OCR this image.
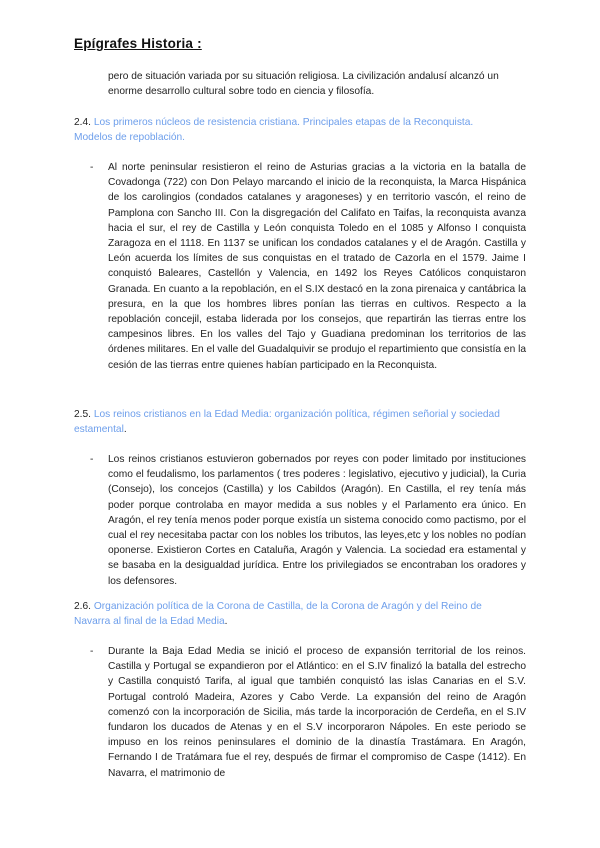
Epígrafes Historia :
pero de situación variada por su situación religiosa. La civilización andalusí alcanzó un enorme desarrollo cultural sobre todo en ciencia y filosofía.
2.4. Los primeros núcleos de resistencia cristiana. Principales etapas de la Reconquista. Modelos de repoblación.
- Al norte peninsular resistieron el reino de Asturias gracias a la victoria en la batalla de Covadonga (722) con Don Pelayo marcando el inicio de la reconquista, la Marca Hispánica de los carolingios (condados catalanes y aragoneses) y en territorio vascón, el reino de Pamplona con Sancho III. Con la disgregación del Califato en Taifas, la reconquista avanza hacia el sur, el rey de Castilla y León conquista Toledo en el 1085 y Alfonso I conquista Zaragoza en el 1118. En 1137 se unifican los condados catalanes y el de Aragón. Castilla y León acuerda los límites de sus conquistas en el tratado de Cazorla en el 1579. Jaime I conquistó Baleares, Castellón y Valencia, en 1492 los Reyes Católicos conquistaron Granada. En cuanto a la repoblación, en el S.IX destacó en la zona pirenaica y cantábrica la presura, en la que los hombres libres ponían las tierras en cultivos. Respecto a la repoblación concejil, estaba liderada por los consejos, que repartirán las tierras entre los campesinos libres. En los valles del Tajo y Guadiana predominan los territorios de las órdenes militares. En el valle del Guadalquivir se produjo el repartimiento que consistía en la cesión de las tierras entre quienes habían participado en la Reconquista.
2.5. Los reinos cristianos en la Edad Media: organización política, régimen señorial y sociedad estamental.
- Los reinos cristianos estuvieron gobernados por reyes con poder limitado por instituciones como el feudalismo, los parlamentos ( tres poderes : legislativo, ejecutivo y judicial), la Curia (Consejo), los concejos (Castilla) y los Cabildos (Aragón). En Castilla, el rey tenía más poder porque controlaba en mayor medida a sus nobles y el Parlamento era único. En Aragón, el rey tenía menos poder porque existía un sistema conocido como pactismo, por el cual el rey necesitaba pactar con los nobles los tributos, las leyes,etc y los nobles no podían oponerse. Existieron Cortes en Cataluña, Aragón y Valencia. La sociedad era estamental y se basaba en la desigualdad jurídica. Entre los privilegiados se encontraban los oradores y los defensores.
2.6. Organización política de la Corona de Castilla, de la Corona de Aragón y del Reino de Navarra al final de la Edad Media.
- Durante la Baja Edad Media se inició el proceso de expansión territorial de los reinos. Castilla y Portugal se expandieron por el Atlántico: en el S.IV finalizó la batalla del estrecho y Castilla conquistó Tarifa, al igual que también conquistó las islas Canarias en el S.V. Portugal controló Madeira, Azores y Cabo Verde. La expansión del reino de Aragón comenzó con la incorporación de Sicilia, más tarde la incorporación de Cerdeña, en el S.IV fundaron los ducados de Atenas y en el S.V incorporaron Nápoles. En este periodo se impuso en los reinos peninsulares el dominio de la dinastía Trastámara. En Aragón, Fernando I de Tratámara fue el rey, después de firmar el compromiso de Caspe (1412). En Navarra, el matrimonio de
